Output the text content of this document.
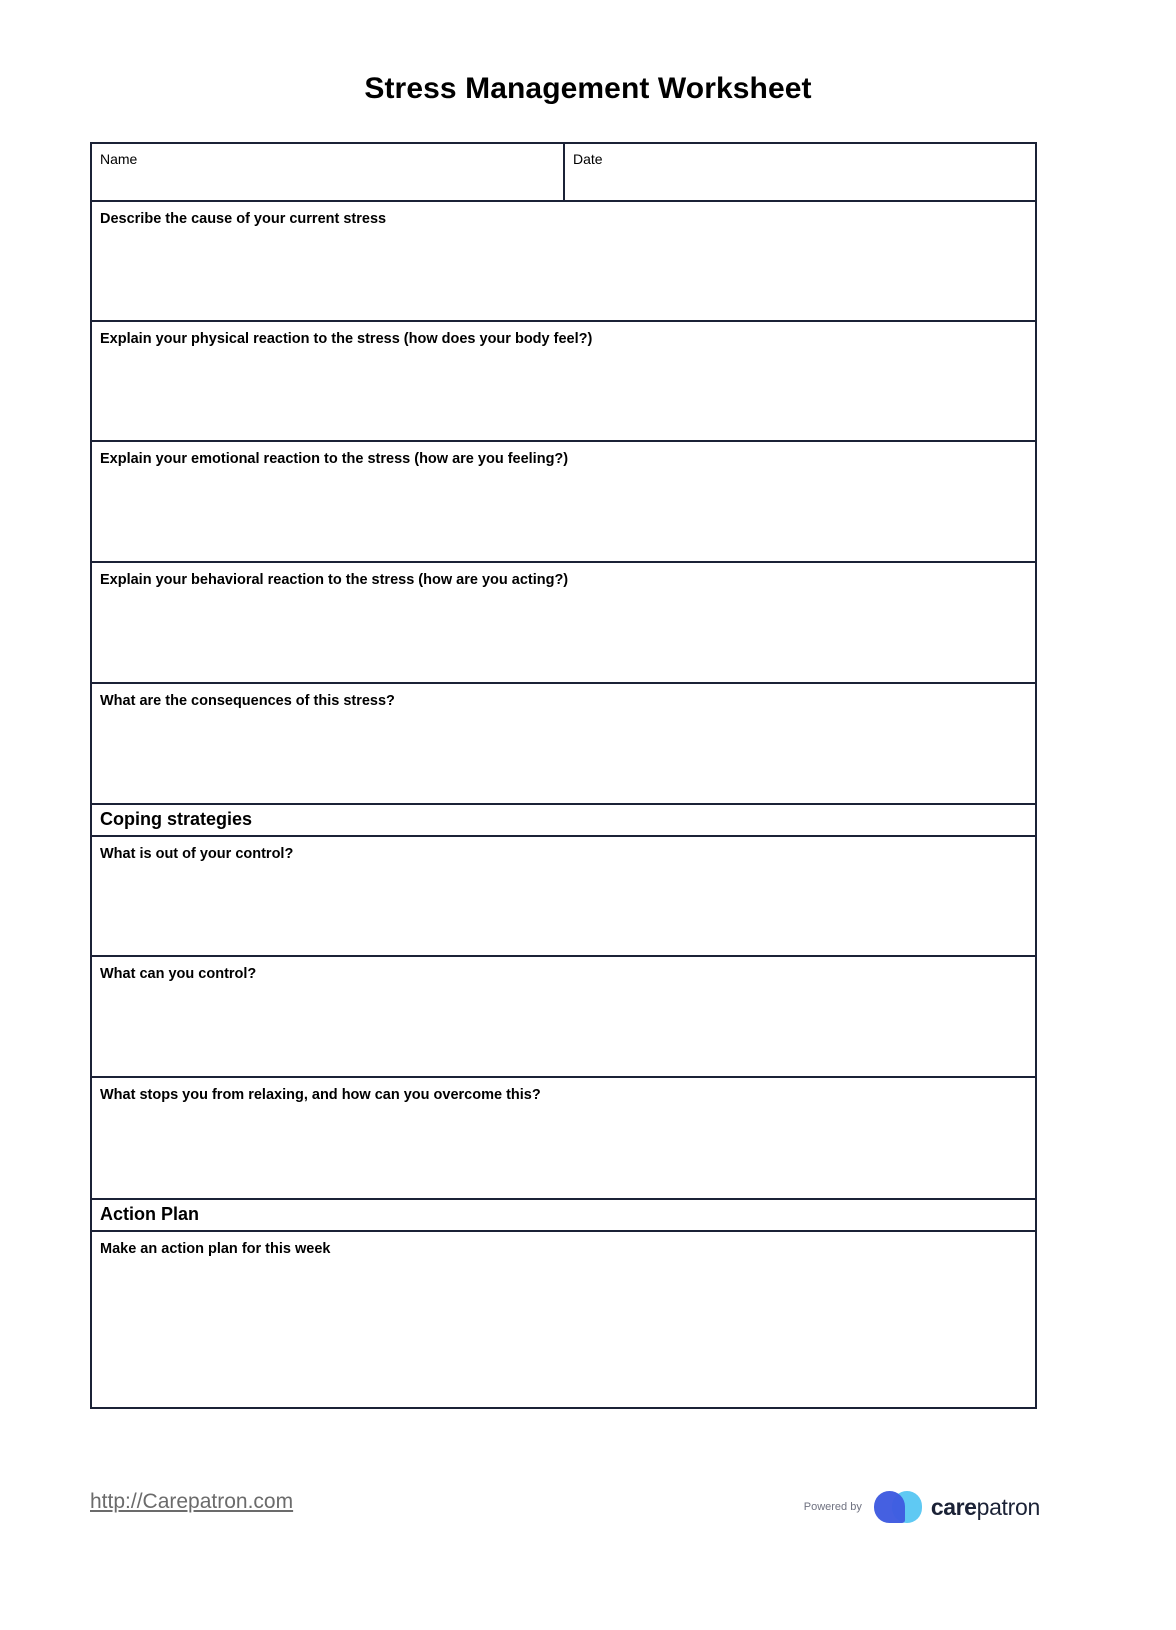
Stress Management Worksheet
Name	Date
Describe the cause of your current stress
Explain your physical reaction to the stress (how does your body feel?)
Explain your emotional reaction to the stress (how are you feeling?)
Explain your behavioral reaction to the stress (how are you acting?)
What are the consequences of this stress?
Coping strategies
What is out of your control?
What can you control?
What stops you from relaxing, and how can you overcome this?
Action Plan
Make an action plan for this week
http://Carepatron.com	Powered by	carepatron
